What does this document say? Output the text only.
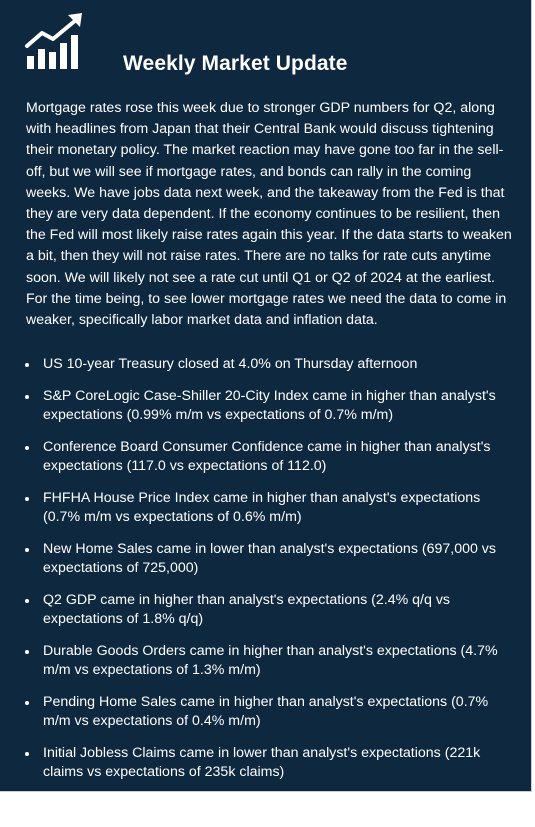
Weekly Market Update

Mortgage rates rose this week due to stronger GDP numbers for Q2, along with headlines from Japan that their Central Bank would discuss tightening their monetary policy. The market reaction may have gone too far in the sell-off, but we will see if mortgage rates, and bonds can rally in the coming weeks. We have jobs data next week, and the takeaway from the Fed is that they are very data dependent. If the economy continues to be resilient, then the Fed will most likely raise rates again this year. If the data starts to weaken a bit, then they will not raise rates. There are no talks for rate cuts anytime soon. We will likely not see a rate cut until Q1 or Q2 of 2024 at the earliest. For the time being, to see lower mortgage rates we need the data to come in weaker, specifically labor market data and inflation data.

US 10-year Treasury closed at 4.0% on Thursday afternoon
S&P CoreLogic Case-Shiller 20-City Index came in higher than analyst's expectations (0.99% m/m vs expectations of 0.7% m/m)
Conference Board Consumer Confidence came in higher than analyst's expectations (117.0 vs expectations of 112.0)
FHFHA House Price Index came in higher than analyst's expectations (0.7% m/m vs expectations of 0.6% m/m)
New Home Sales came in lower than analyst's expectations (697,000 vs expectations of 725,000)
Q2 GDP came in higher than analyst's expectations (2.4% q/q vs expectations of 1.8% q/q)
Durable Goods Orders came in higher than analyst's expectations (4.7% m/m vs expectations of 1.3% m/m)
Pending Home Sales came in higher than analyst's expectations (0.7% m/m vs expectations of 0.4% m/m)
Initial Jobless Claims came in lower than analyst's expectations (221k claims vs expectations of 235k claims)
Mortgage Applications fell 1.8% this week
